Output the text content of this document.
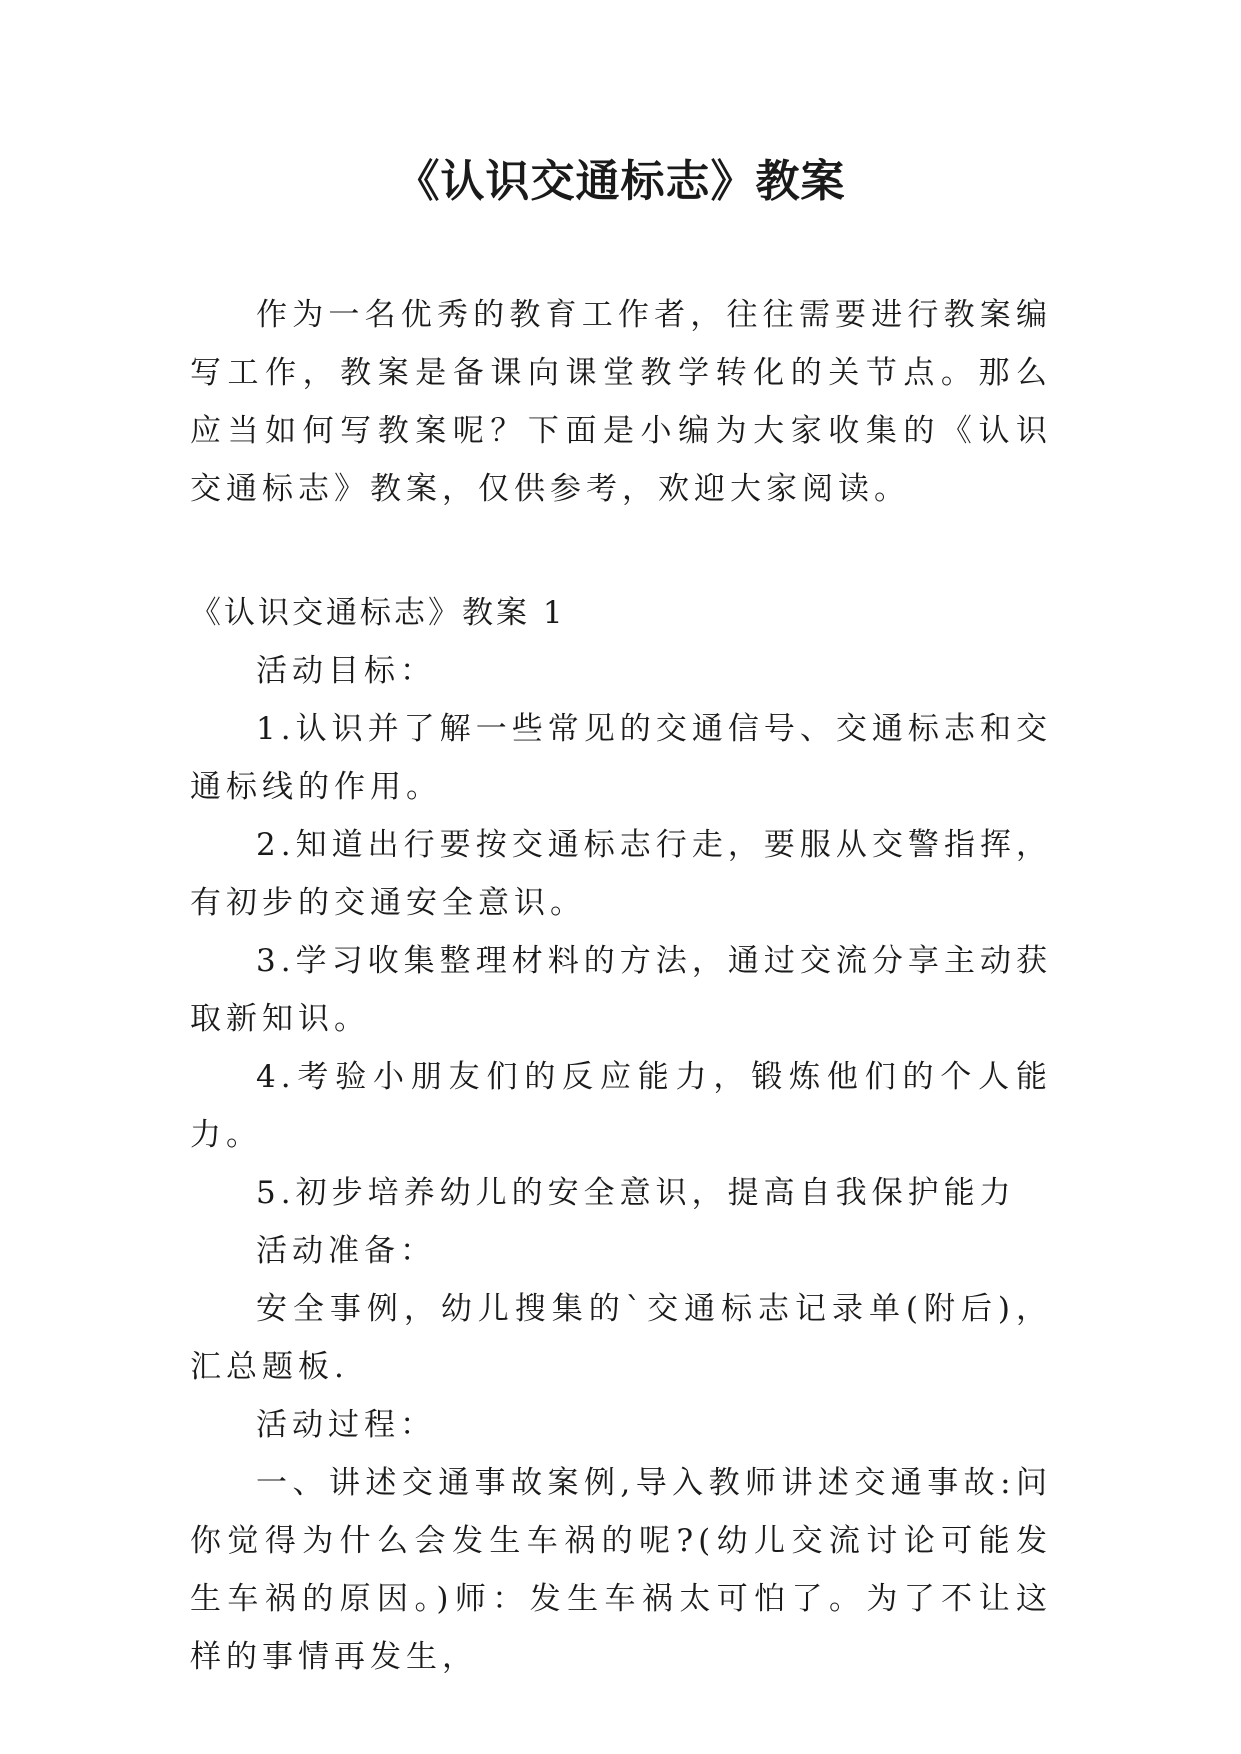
《认识交通标志》教案

作为一名优秀的教育工作者，往往需要进行教案编写工作，教案是备课向课堂教学转化的关节点。那么应当如何写教案呢？下面是小编为大家收集的《认识交通标志》教案，仅供参考，欢迎大家阅读。

《认识交通标志》教案 1

活动目标：

1.认识并了解一些常见的交通信号、交通标志和交通标线的作用。

2.知道出行要按交通标志行走，要服从交警指挥，有初步的交通安全意识。

3.学习收集整理材料的方法，通过交流分享主动获取新知识。

4.考验小朋友们的反应能力，锻炼他们的个人能力。

5.初步培养幼儿的安全意识，提高自我保护能力

活动准备：

安全事例，幼儿搜集的`交通标志记录单(附后)，汇总题板.

活动过程：

一、讲述交通事故案例,导入教师讲述交通事故:问你觉得为什么会发生车祸的呢?(幼儿交流讨论可能发生车祸的原因。)师：发生车祸太可怕了。为了不让这样的事情再发生，
